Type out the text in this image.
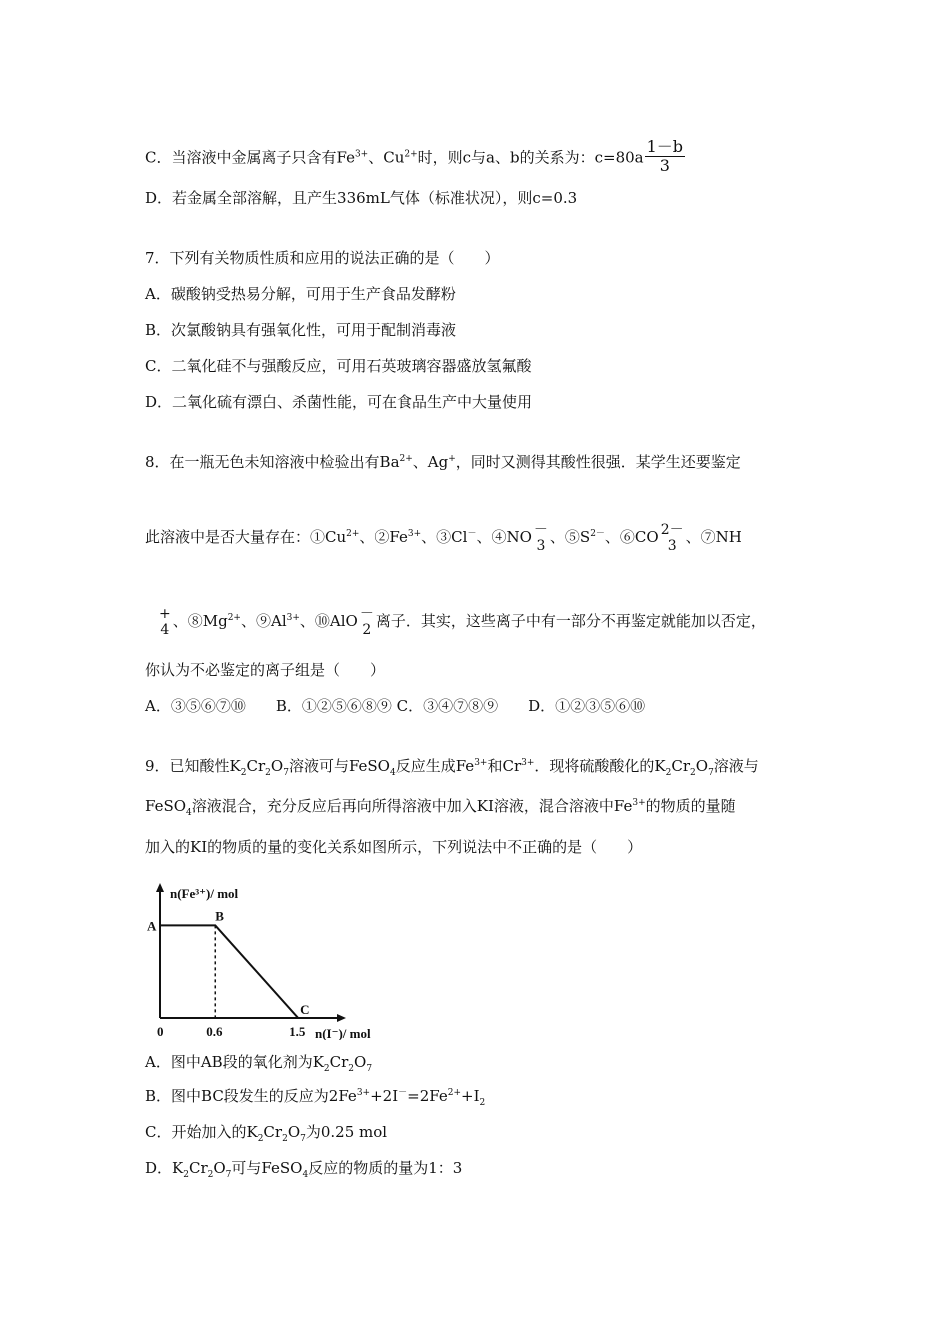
C．当溶液中金属离子只含有$Fe^{3+}$、$Cu^{2+}$时，则c与a、b的关系为：$c=80a \frac{1-b}{3}$
D．若金属全部溶解，且产生336mL气体（标准状况），则c=0.3
7．下列有关物质性质和应用的说法正确的是（　　）
A．碳酸钠受热易分解，可用于生产食品发酵粉
B．次氯酸钠具有强氧化性，可用于配制消毒液
C．二氧化硅不与强酸反应，可用石英玻璃容器盛放氢氟酸
D．二氧化硫有漂白、杀菌性能，可在食品生产中大量使用
8．在一瓶无色未知溶液中检验出有$Ba^{2+}$、Ag+，同时又测得其酸性很强．某学生还要鉴定
此溶液中是否大量存在：$①Cu^{2+}$、$②Fe^{3+}$、③Cl－、④NO －
3 、$⑤S^{2-}$、⑥CO 2－
3 、⑦NH
+
4 、$⑧Mg^{2+}$、$⑨Al^{3+}$、⑩AlO －
2 离子．其实，这些离子中有一部分不再鉴定就能加以否定，
你认为不必鉴定的离子组是（　　）
A．③⑤⑥⑦⑩　　B．①②⑤⑥⑧⑨ C．③④⑦⑧⑨　　D．①②③⑤⑥⑩
9．已知酸性$K_2Cr_2O_7$溶液可与FeSO$_4$反应生成$Fe^{3+}$和$Cr^{3+}$．现将硫酸酸化的$K_2Cr_2O_7$溶液与
FeSO$_4$溶液混合，充分反应后再向所得溶液中加入KI溶液，混合溶液中$Fe^{3+}$的物质的量随
加入的KI的物质的量的变化关系如图所示，下列说法中不正确的是（　　）
A
B
C
0	0.6	1.5
n(Fe³⁺)/ mol
n(I⁻)/ mol
A．图中AB段的氧化剂为$K_2Cr_2O_7$
B．图中BC段发生的反应为$2Fe^{3+}+2I^-=2Fe^{2+}+I_2$
C．开始加入的$K_2Cr_2O_7$为0.25 mol
D．$K_2Cr_2O_7$可与FeSO$_4$反应的物质的量为1：3
